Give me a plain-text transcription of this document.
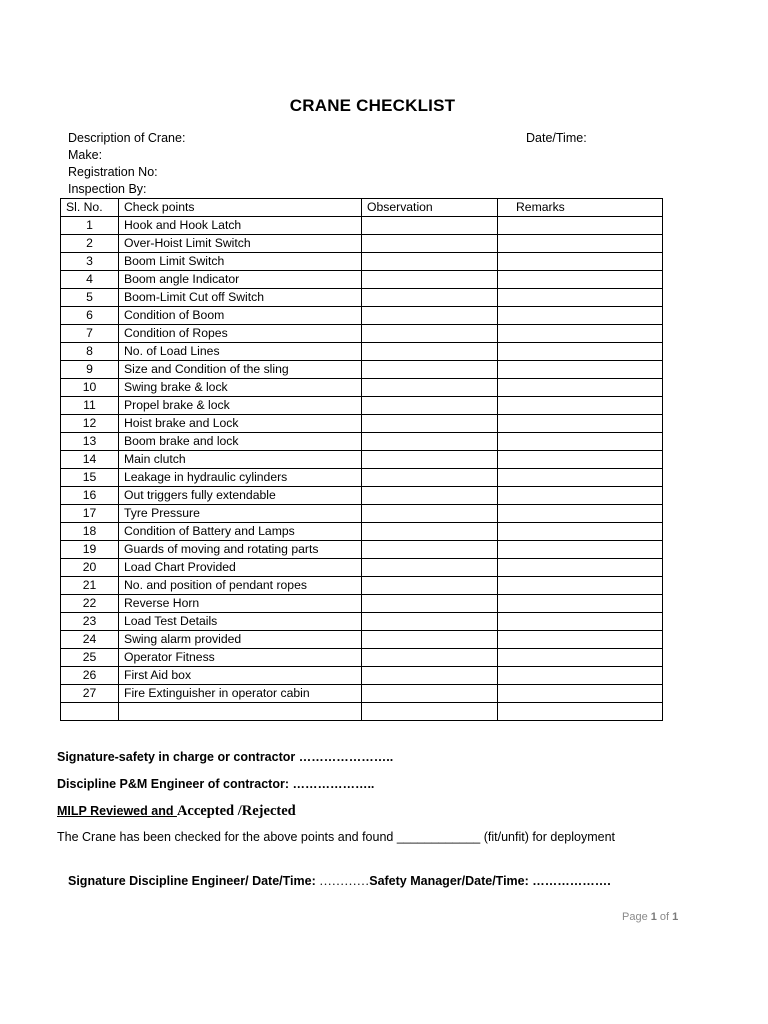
CRANE CHECKLIST
Description of Crane:
Make:
Registration No:
Inspection By:
Date/Time:
Sl. No.	Check points	Observation	Remarks
1	Hook and Hook Latch		
2	Over-Hoist Limit Switch		
3	Boom Limit Switch		
4	Boom angle Indicator		
5	Boom-Limit Cut off Switch		
6	Condition of Boom		
7	Condition of Ropes		
8	No. of Load Lines		
9	Size and Condition of the sling		
10	Swing brake & lock		
11	Propel brake & lock		
12	Hoist brake and Lock		
13	Boom brake and lock		
14	Main clutch		
15	Leakage in hydraulic cylinders		
16	Out triggers fully extendable		
17	Tyre Pressure		
18	Condition of Battery and Lamps		
19	Guards of moving and rotating parts		
20	Load Chart Provided		
21	No. and position of pendant ropes		
22	Reverse Horn		
23	Load Test Details		
24	Swing alarm provided		
25	Operator Fitness		
26	First Aid box		
27	Fire Extinguisher in operator cabin		

Signature-safety in charge or contractor …………………..
Discipline P&M Engineer of contractor: ………………..
MILP Reviewed and Accepted /Rejected
The Crane has been checked for the above points and found ____________ (fit/unfit) for deployment
Signature Discipline Engineer/ Date/Time: …………Safety Manager/Date/Time: ……………….
Page 1 of 1
